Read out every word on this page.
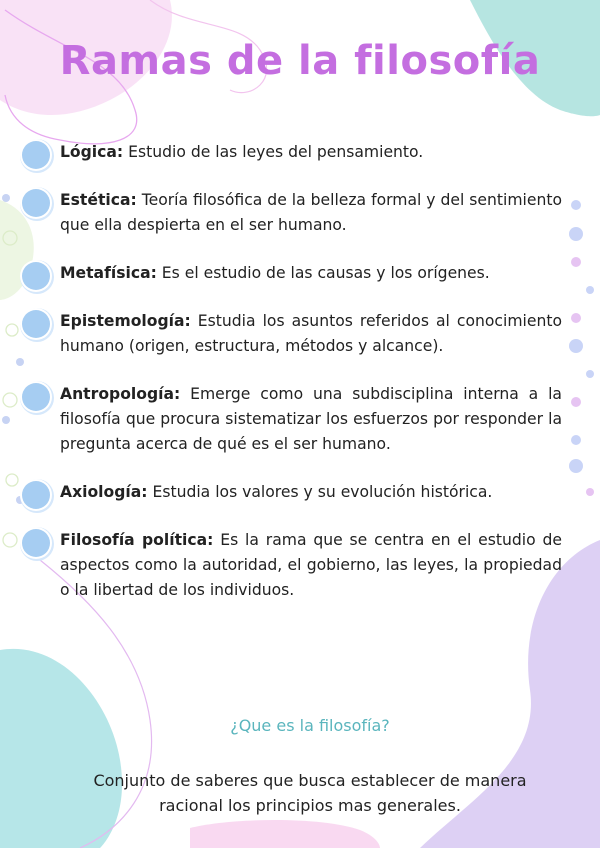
Ramas de la filosofía
Lógica: Estudio de las leyes del pensamiento.
Estética: Teoría filosófica de la belleza formal y del sentimiento que ella despierta en el ser humano.
Metafísica: Es el estudio de las causas y los orígenes.
Epistemología: Estudia los asuntos referidos al conocimiento humano (origen, estructura, métodos y alcance).
Antropología: Emerge como una subdisciplina interna a la filosofía que procura sistematizar los esfuerzos por responder la pregunta acerca de qué es el ser humano.
Axiología: Estudia los valores y su evolución histórica.
Filosofía política: Es la rama que se centra en el estudio de aspectos como la autoridad, el gobierno, las leyes, la propiedad o la libertad de los individuos.
¿Que es la filosofía?
Conjunto de saberes que busca establecer de manera racional los principios mas generales.
